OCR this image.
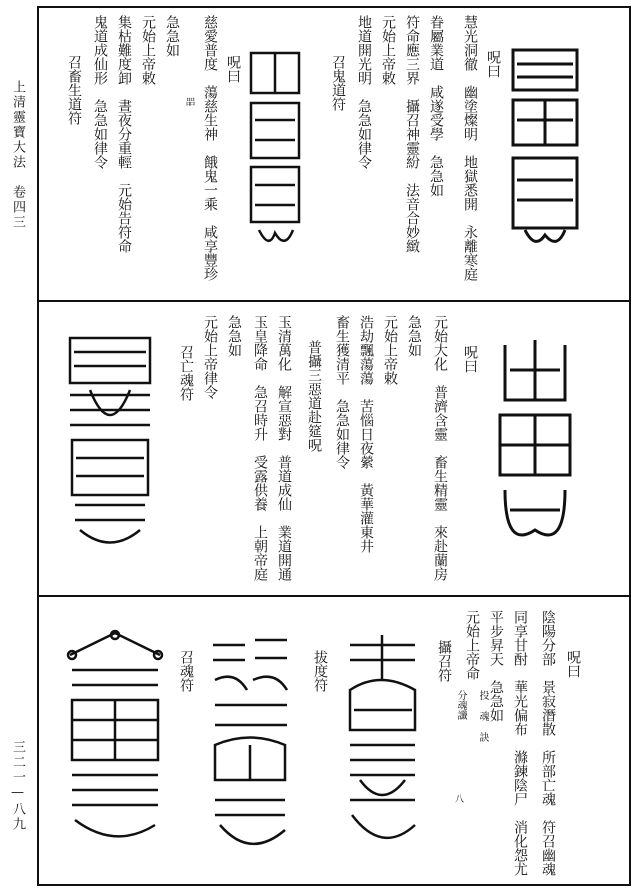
上清靈寶大法　卷四三
三二一—八九
呪曰
慧光洞徹　幽塗燦明　地獄悉開　永離寒庭
眷屬業道　咸遂受學　急急如
符命應三界　攝召神靈紛　法音合妙緻
元始上帝敕
地道開光明　急急如律令
召鬼道符
呪曰
慈愛普度　蕩慈生神　餓鬼一乘　咸享豐珍
急急如
元始上帝敕
集枯難度卸　晝夜分重輕　元始告符命
鬼道成仙形　急急如律令
召畜生道符
呪曰
元始大化　普濟含靈　畜生精靈　來赴蘭房
急急如
元始上帝敕
浩劫飄蕩蕩　苦惱日夜縈　黃華灌東井
畜生獲清平　急急如律令
普攝三惡道赴筵呪
玉清萬化　解宣惡對　普道成仙　業道開通
玉皇降命　急召時升　受露供養　上朝帝庭
急急如
元始上帝律令
召亡魂符
呪曰
陰陽分部　景寂潛散　所部亡魂　符召幽魂
同享甘酎　華光偏布　滌鍊陰尸　消化怨尤
平步昇天　急急如
元始上帝命
分魂讖	投 魂 訣
攝召符
拔度符
召魂符
㗊
八
